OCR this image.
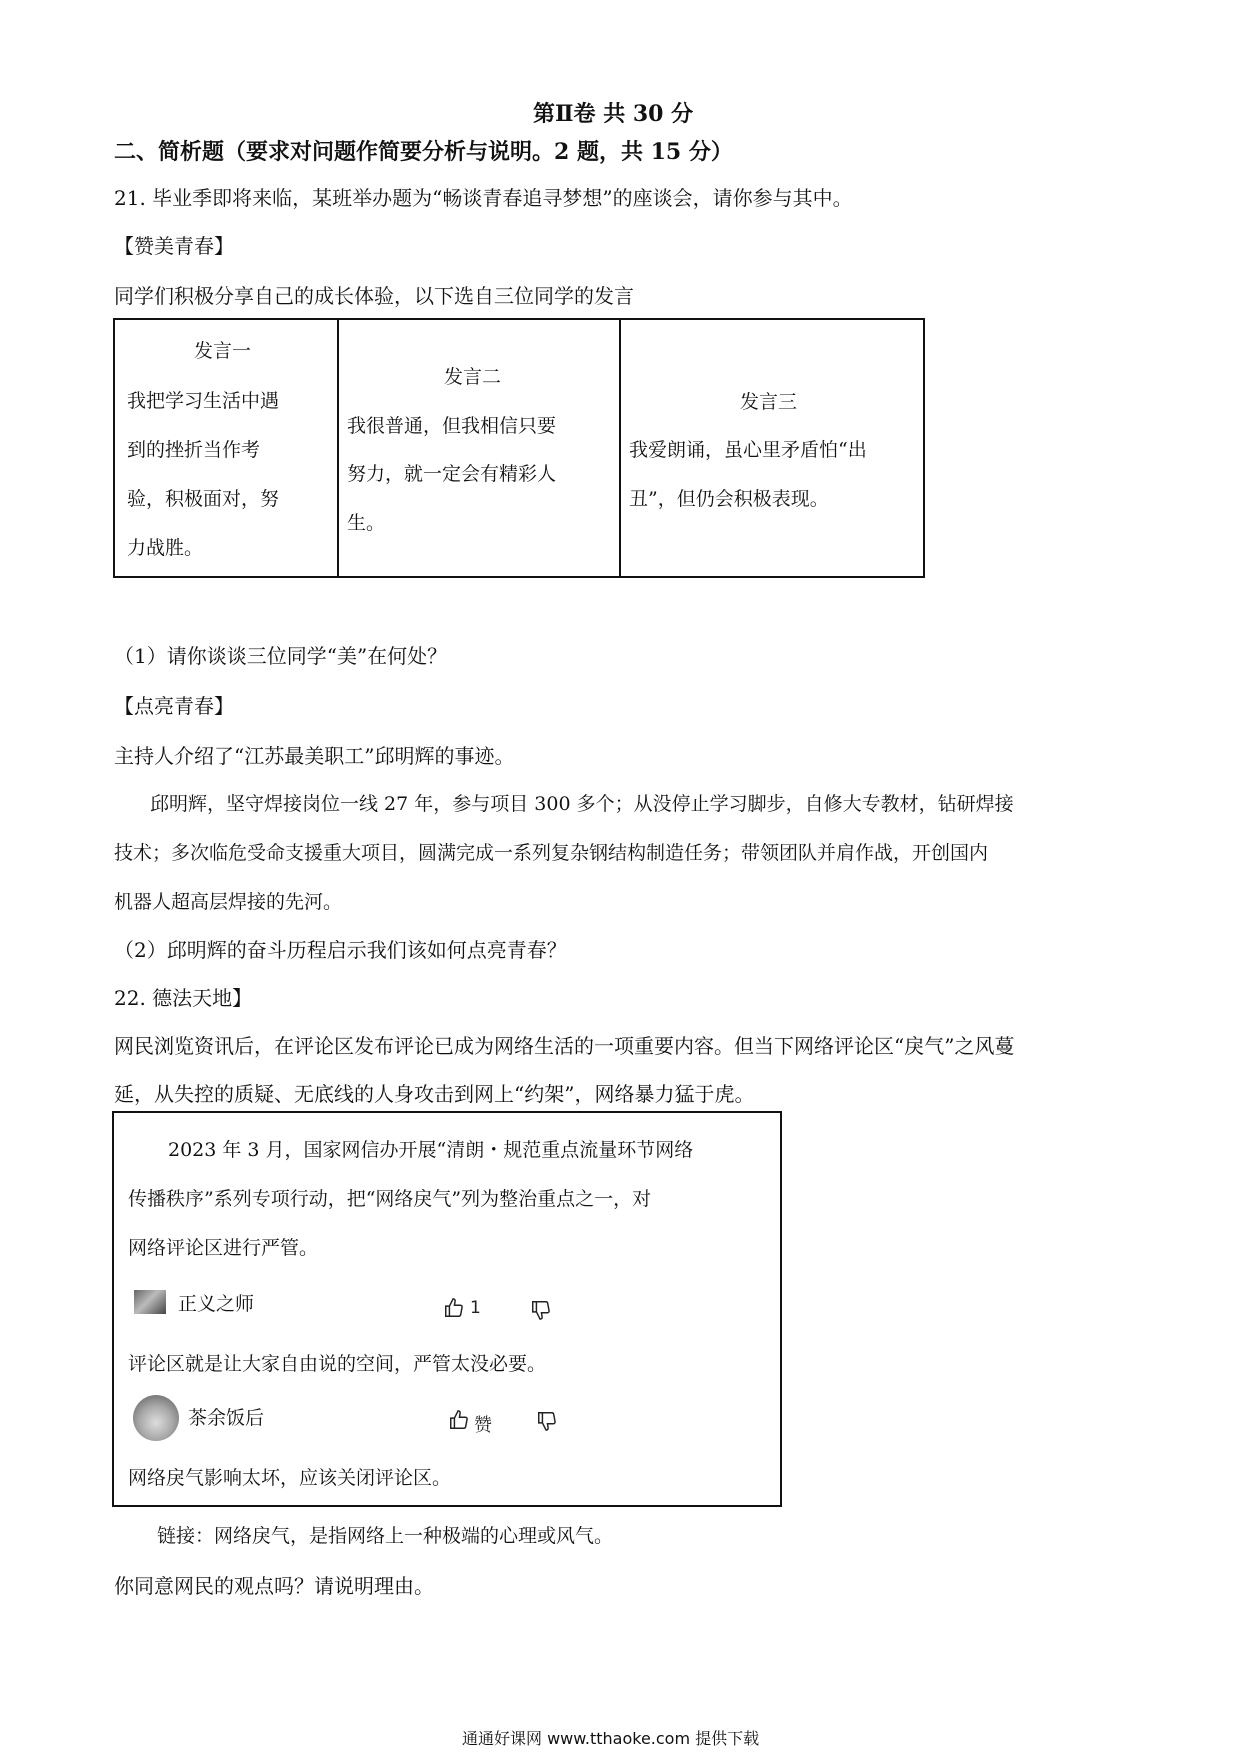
第Ⅱ卷 共 30 分
二、简析题（要求对问题作简要分析与说明。2 题，共 15 分）
21. 毕业季即将来临，某班举办题为“畅谈青春追寻梦想”的座谈会，请你参与其中。
【赞美青春】
同学们积极分享自己的成长体验，以下选自三位同学的发言
发言一
我把学习生活中遇
到的挫折当作考
验，积极面对，努
力战胜。
发言二
我很普通，但我相信只要
努力，就一定会有精彩人
生。
发言三
我爱朗诵，虽心里矛盾怕“出
丑”，但仍会积极表现。
（1）请你谈谈三位同学“美”在何处？
【点亮青春】
主持人介绍了“江苏最美职工”邱明辉的事迹。
邱明辉，坚守焊接岗位一线 27 年，参与项目 300 多个；从没停止学习脚步，自修大专教材，钻研焊接
技术；多次临危受命支援重大项目，圆满完成一系列复杂钢结构制造任务；带领团队并肩作战，开创国内
机器人超高层焊接的先河。
（2）邱明辉的奋斗历程启示我们该如何点亮青春？
22. 德法天地】
网民浏览资讯后，在评论区发布评论已成为网络生活的一项重要内容。但当下网络评论区“戾气”之风蔓
延，从失控的质疑、无底线的人身攻击到网上“约架”，网络暴力猛于虎。
2023 年 3 月，国家网信办开展“清朗・规范重点流量环节网络
传播秩序”系列专项行动，把“网络戾气”列为整治重点之一，对
网络评论区进行严管。
正义之师	1
评论区就是让大家自由说的空间，严管太没必要。
茶余饭后	赞
网络戾气影响太坏，应该关闭评论区。
链接：网络戾气，是指网络上一种极端的心理或风气。
你同意网民的观点吗？请说明理由。
通通好课网 www.tthaoke.com 提供下载
